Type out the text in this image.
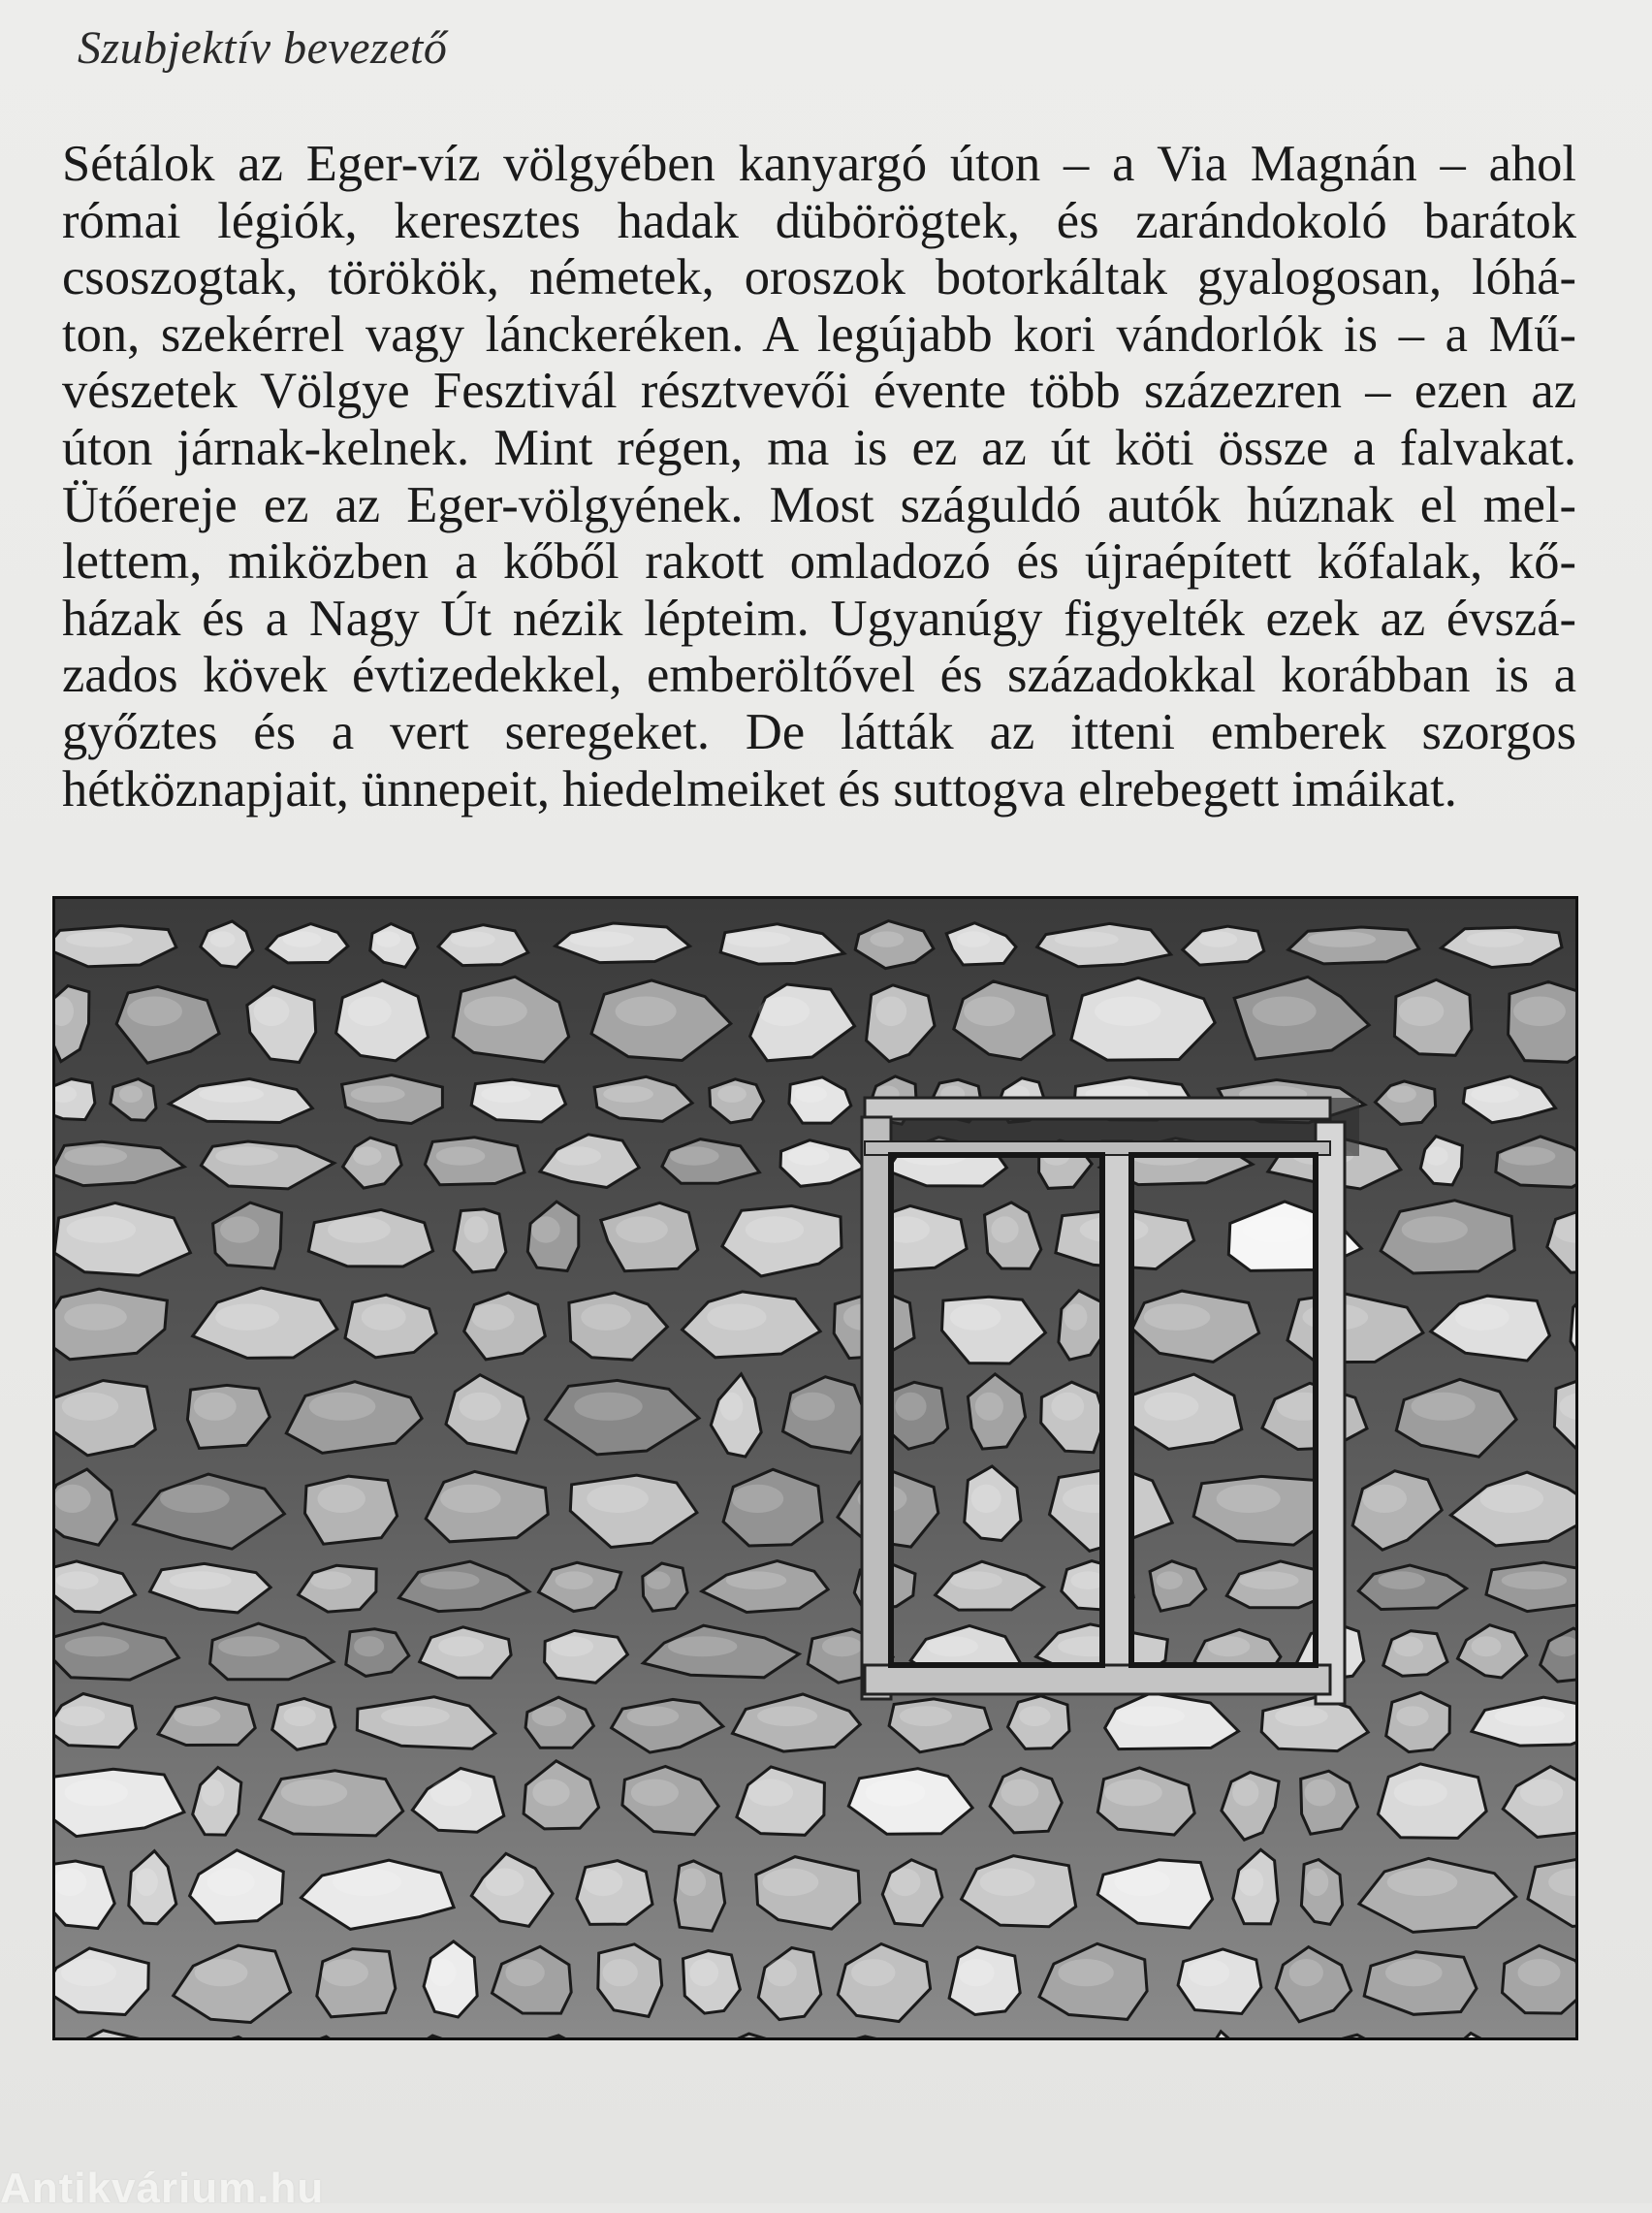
Szubjektív bevezető
Sétálok az Eger-víz völgyében kanyargó úton – a Via Magnán – ahol
római légiók, keresztes hadak dübörögtek, és zarándokoló barátok
csoszogtak, törökök, németek, oroszok botorkáltak gyalogosan, lóhá-
ton, szekérrel vagy lánckeréken. A legújabb kori vándorlók is – a Mű-
vészetek Völgye Fesztivál résztvevői évente több százezren – ezen az
úton járnak-kelnek. Mint régen, ma is ez az út köti össze a falvakat.
Ütőereje ez az Eger-völgyének. Most száguldó autók húznak el mel-
lettem, miközben a kőből rakott omladozó és újraépített kőfalak, kő-
házak és a Nagy Út nézik lépteim. Ugyanúgy figyelték ezek az évszá-
zados kövek évtizedekkel, emberöltővel és századokkal korábban is a
győztes és a vert seregeket. De látták az itteni emberek szorgos
hétköznapjait, ünnepeit, hiedelmeiket és suttogva elrebegett imáikat.
Antikvárium.hu
